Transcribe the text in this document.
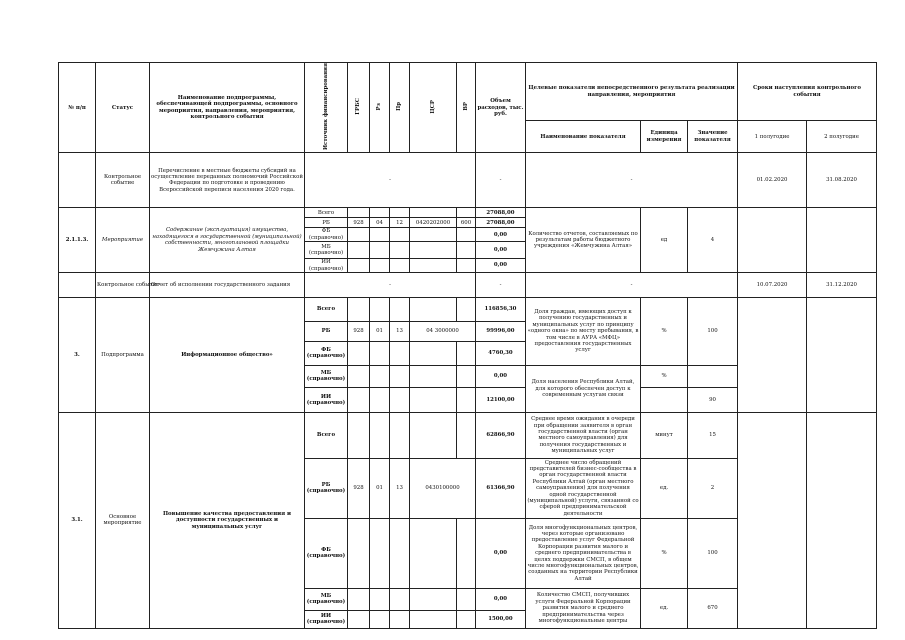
№ п/п	Статус	Наименование подпрограммы, обеспечивающей подпрограммы, основного мероприятия, направления, мероприятия, контрольного события	Источник финансирования	ГРБС	Рз	Пр	ЦСР	ВР	Объем расходов, тыс. руб.	Целевые показатели непосредственного результата реализации направления, мероприятия			Сроки наступления контрольного события	
										Наименование показателя	Единица измерения	Значение показателя	1 полугодие	2 полугодие
	Контрольное событие	Перечисление в местные бюджеты субсидий на осуществление переданных полномочий Российской Федерации по подготовке и проведению Всероссийской переписи населения 2020 года.	-						-	-			01.02.2020	31.08.2020
2.1.1.3.	Мероприятие	Содержание (эксплуатация) имущества, находящегося в государственной (муниципальной) собственности, многоплановой площадки Жемчужина Алтая	Всего						27088,00	Количество отчетов, составляемых по результатам работы бюджетного учреждения «Жемчужина Алтая»	ед	4		
			РБ	928	04	12	0420202000	600	27088,00					
			ФБ (справочно)						0,00					
			МБ (справочно)						0,00					
			ИИ (справочно)						0,00					
	Контрольное событие	Отчет об исполнении государственного задания	-						-	-			10.07.2020	31.12.2020
3.	Подпрограмма	Информационное общество»	Всего						116856,30	Доля граждан, имеющих доступ к получению государственных и муниципальных услуг по принципу «одного окна» по месту пребывания, в том числе в АУРА «МФЦ» предоставления государственных услуг	%	100		
			РБ	928	01	13	04 3000000		99996,00					
			ФБ (справочно)						4760,30					
			МБ (справочно)						0,00	Доля населения Республики Алтай, для которого обеспечен доступ к современным услугам связи	%			
			ИИ (справочно)						12100,00			90		
3.1.	Основное мероприятие	Повышение качества предоставления и доступности государственных и муниципальных услуг	Всего						62866,90	Среднее время ожидания в очереди при обращении заявителя в орган государственной власти (орган местного самоуправления) для получения государственных и муниципальных услуг	минут	15		
			РБ (справочно)	928	01	13	0430100000		61366,90	Среднее число обращений представителей бизнес-сообщества в орган государственной власти Республики Алтай (орган местного самоуправления) для получения одной государственной (муниципальной) услуги, связанной со сферой предпринимательской деятельности	ед.	2		
			ФБ (справочно)						0,00	Доля многофункциональных центров, через которые организовано предоставление услуг Федеральной Корпорации развития малого и среднего предпринимательства в целях поддержки СМСП, в общем числе многофункциональных центров, созданных на территории Республики Алтай	%	100		
			МБ (справочно)						0,00	Количество СМСП, получивших услуги Федеральной Корпорации развития малого и среднего предпринимательства через многофункциональные центры	ед.	670		
			ИИ (справочно)						1500,00					
